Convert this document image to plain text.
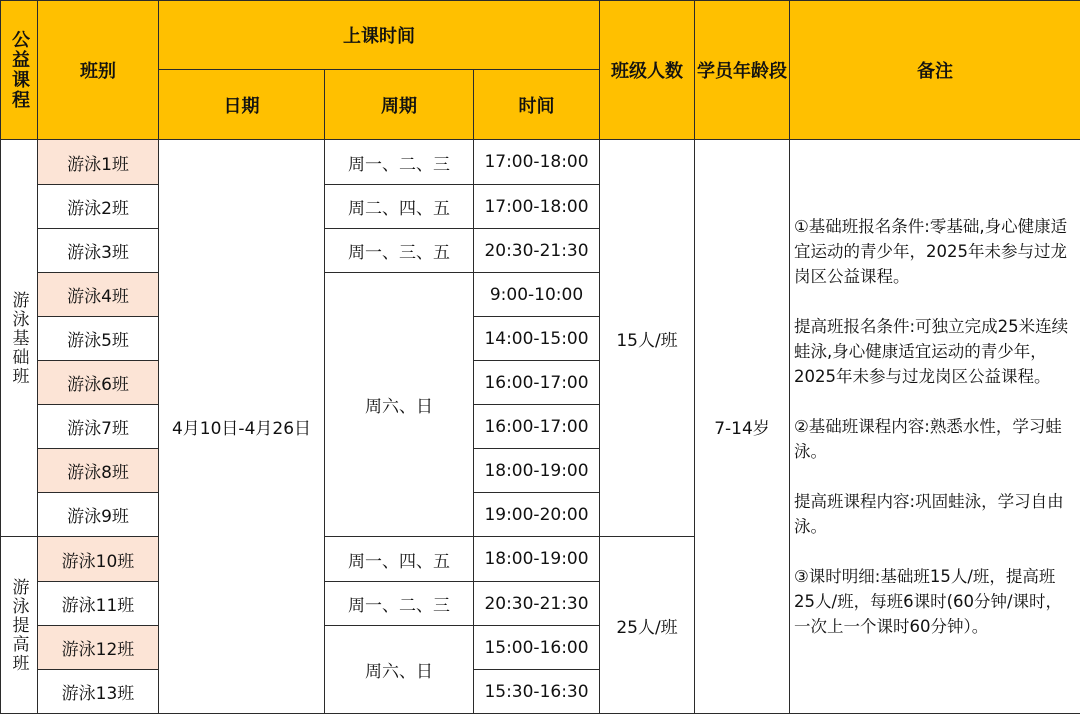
公益课程	班别	上课时间			班级人数	学员年龄段	备注
		日期	周期	时间			

游泳基础班	游泳1班	4月10日-4月26日	周一、二、三	17:00-18:00	15人/班	7-14岁	①基础班报名条件:零基础,身心健康适宜运动的青少年，2025年未参与过龙岗区公益课程。

提高班报名条件:可独立完成25米连续蛙泳,身心健康适宜运动的青少年，2025年未参与过龙岗区公益课程。

②基础班课程内容:熟悉水性，学习蛙泳。

提高班课程内容:巩固蛙泳，学习自由泳。

③课时明细:基础班15人/班，提高班25人/班，每班6课时(60分钟/课时，一次上一个课时60分钟）。

	游泳2班		周二、四、五	17:00-18:00			
	游泳3班		周一、三、五	20:30-21:30			
	游泳4班		周六、日	9:00-10:00			
	游泳5班			14:00-15:00			
	游泳6班			16:00-17:00			
	游泳7班			16:00-17:00			
	游泳8班			18:00-19:00			
	游泳9班			19:00-20:00			

游泳提高班	游泳10班		周一、四、五	18:00-19:00	25人/班		
	游泳11班		周一、二、三	20:30-21:30			
	游泳12班		周六、日	15:00-16:00			
	游泳13班			15:30-16:30			
